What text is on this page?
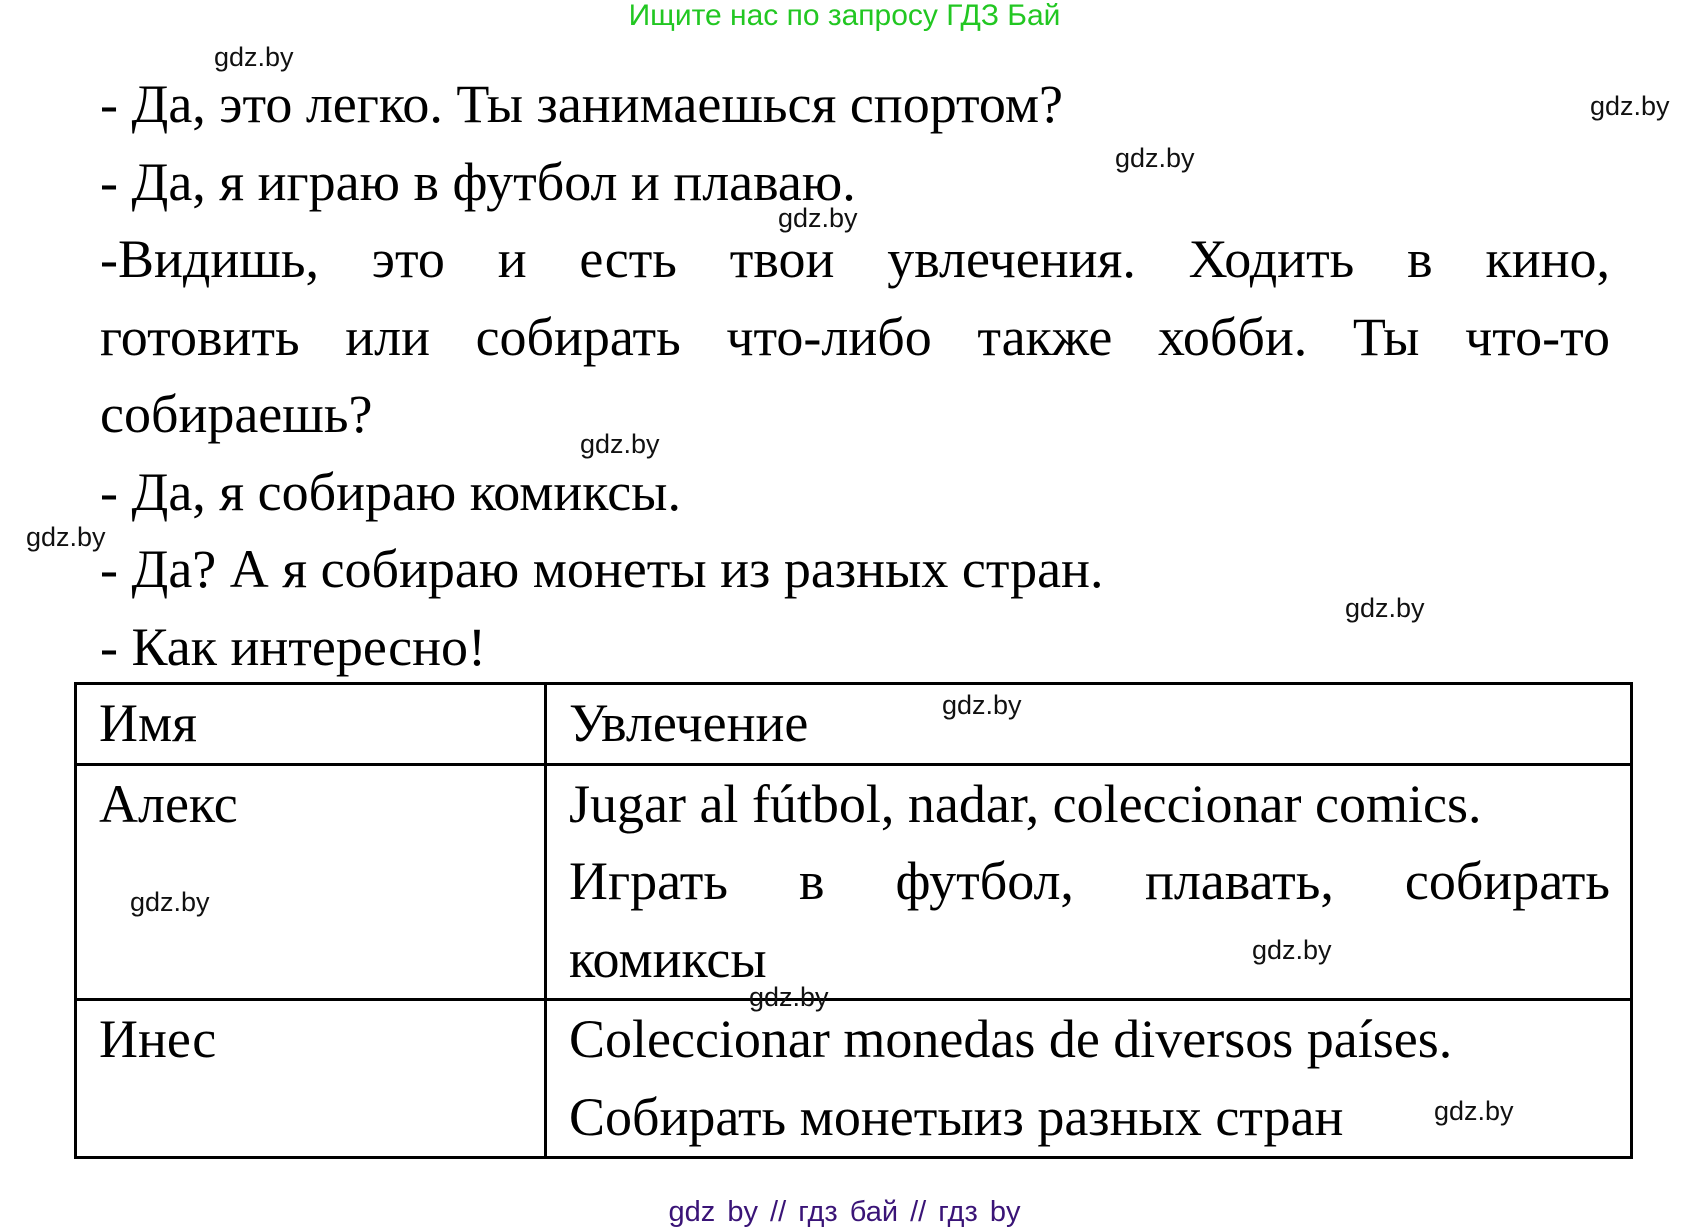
Ищите нас по запросу ГДЗ Бай
- Да, это легко. Ты занимаешься спортом?
- Да, я играю в футбол и плаваю.
-Видишь, это и есть твои увлечения. Ходить в кино,
готовить или собирать что-либо также хобби. Ты что-то
собираешь?
- Да, я собираю комиксы.
- Да? А я собираю монеты из разных стран.
- Как интересно!
Имя	Увлечение
Алекс	Jugar al fútbol, nadar, coleccionar comics.
Играть в футбол, плавать, собирать
комиксы

Инес	Coleccionar monedas de diversos países.
Собирать монетыиз разных стран
gdz.by
gdz.by
gdz.by
gdz.by
gdz.by
gdz.by
gdz.by
gdz.by
gdz.by
gdz.by
gdz.by
gdz.by
gdz by // гдз бай // гдз by
